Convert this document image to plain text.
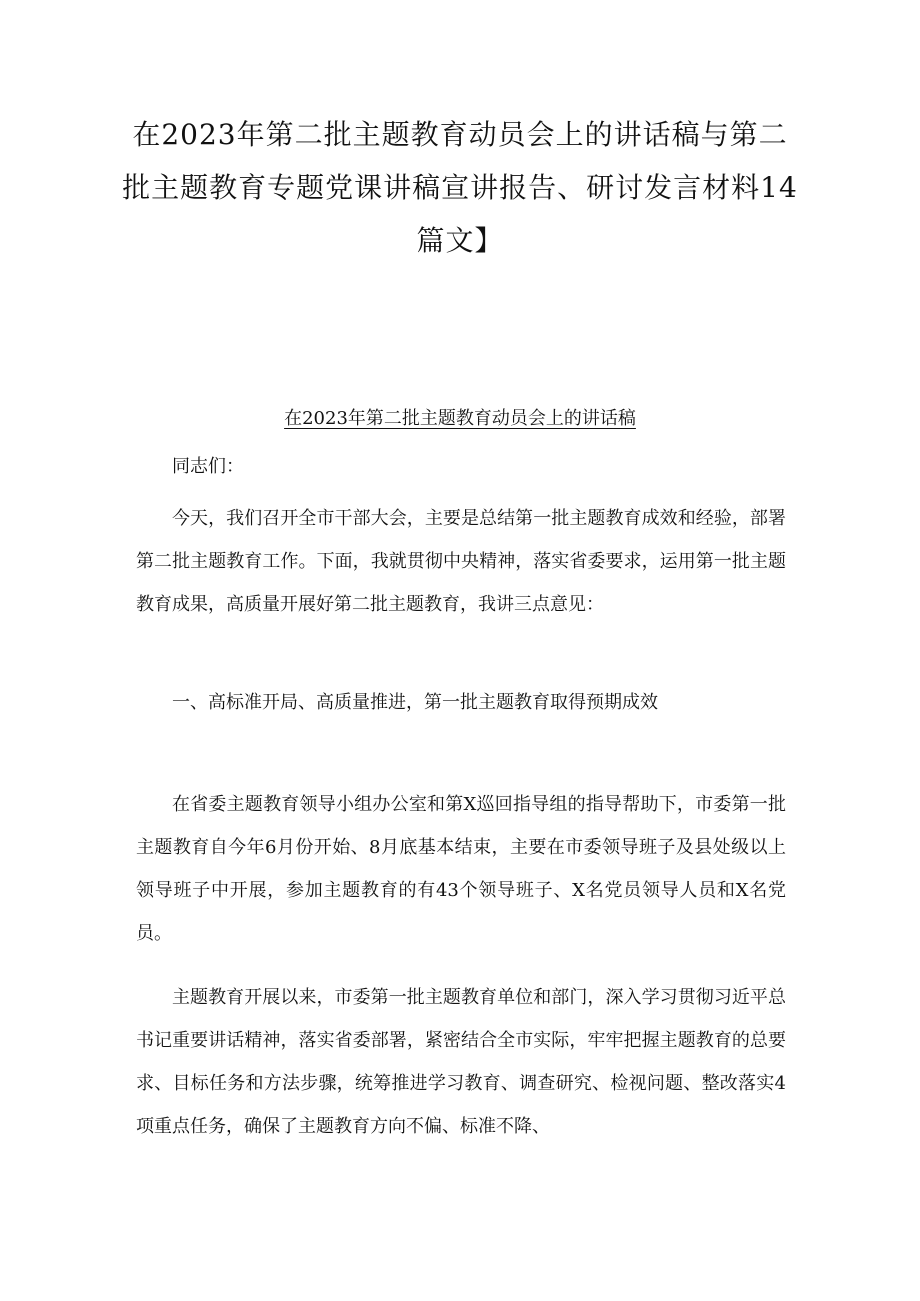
在2023年第二批主题教育动员会上的讲话稿与第二批主题教育专题党课讲稿宣讲报告、研讨发言材料14篇文】

在2023年第二批主题教育动员会上的讲话稿

同志们：

今天，我们召开全市干部大会，主要是总结第一批主题教育成效和经验，部署第二批主题教育工作。下面，我就贯彻中央精神，落实省委要求，运用第一批主题教育成果，高质量开展好第二批主题教育，我讲三点意见：

一、高标准开局、高质量推进，第一批主题教育取得预期成效

在省委主题教育领导小组办公室和第X巡回指导组的指导帮助下，市委第一批主题教育自今年6月份开始、8月底基本结束，主要在市委领导班子及县处级以上领导班子中开展，参加主题教育的有43个领导班子、X名党员领导人员和X名党员。

主题教育开展以来，市委第一批主题教育单位和部门，深入学习贯彻习近平总书记重要讲话精神，落实省委部署，紧密结合全市实际，牢牢把握主题教育的总要求、目标任务和方法步骤，统筹推进学习教育、调查研究、检视问题、整改落实4项重点任务，确保了主题教育方向不偏、标准不降、
